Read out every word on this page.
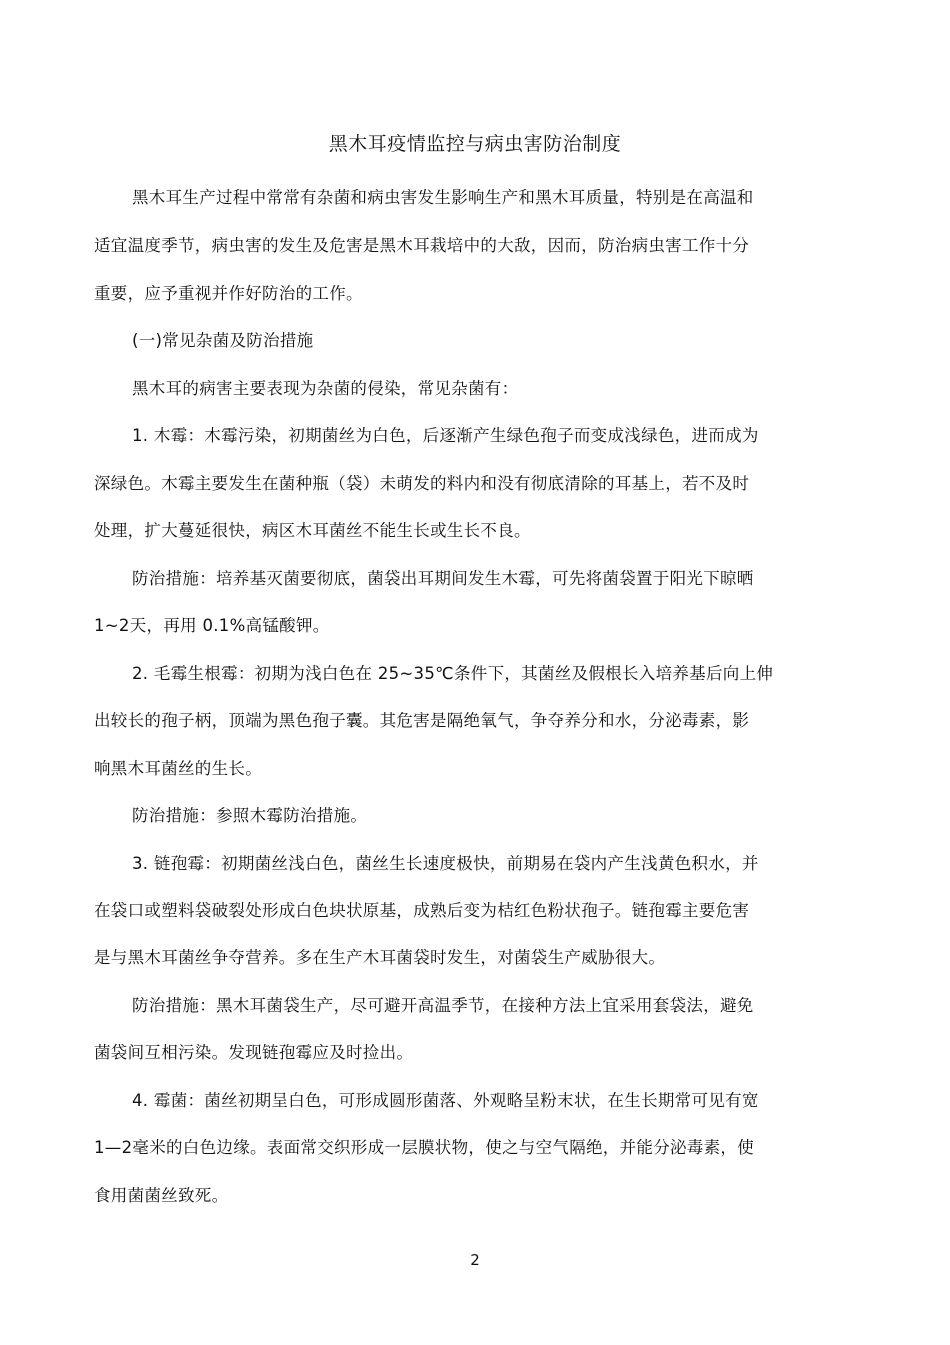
黑木耳疫情监控与病虫害防治制度

黑木耳生产过程中常常有杂菌和病虫害发生影响生产和黑木耳质量，特别是在高温和

适宜温度季节，病虫害的发生及危害是黑木耳栽培中的大敌，因而，防治病虫害工作十分

重要，应予重视并作好防治的工作。

(一)常见杂菌及防治措施

黑木耳的病害主要表现为杂菌的侵染，常见杂菌有：

1. 木霉：木霉污染，初期菌丝为白色，后逐渐产生绿色孢子而变成浅绿色，进而成为

深绿色。木霉主要发生在菌种瓶（袋）未萌发的料内和没有彻底清除的耳基上，若不及时

处理，扩大蔓延很快，病区木耳菌丝不能生长或生长不良。

防治措施：培养基灭菌要彻底，菌袋出耳期间发生木霉，可先将菌袋置于阳光下晾晒

1~2天，再用 0.1%高锰酸钾。

2. 毛霉生根霉：初期为浅白色在 25~35℃条件下，其菌丝及假根长入培养基后向上伸

出较长的孢子柄，顶端为黑色孢子囊。其危害是隔绝氧气，争夺养分和水，分泌毒素，影

响黑木耳菌丝的生长。

防治措施：参照木霉防治措施。

3. 链孢霉：初期菌丝浅白色，菌丝生长速度极快，前期易在袋内产生浅黄色积水，并

在袋口或塑料袋破裂处形成白色块状原基，成熟后变为桔红色粉状孢子。链孢霉主要危害

是与黑木耳菌丝争夺营养。多在生产木耳菌袋时发生，对菌袋生产威胁很大。

防治措施：黑木耳菌袋生产，尽可避开高温季节，在接种方法上宜采用套袋法，避免

菌袋间互相污染。发现链孢霉应及时捡出。

4. 霉菌：菌丝初期呈白色，可形成圆形菌落、外观略呈粉末状，在生长期常可见有宽

1—2毫米的白色边缘。表面常交织形成一层膜状物，使之与空气隔绝，并能分泌毒素，使

食用菌菌丝致死。

2
